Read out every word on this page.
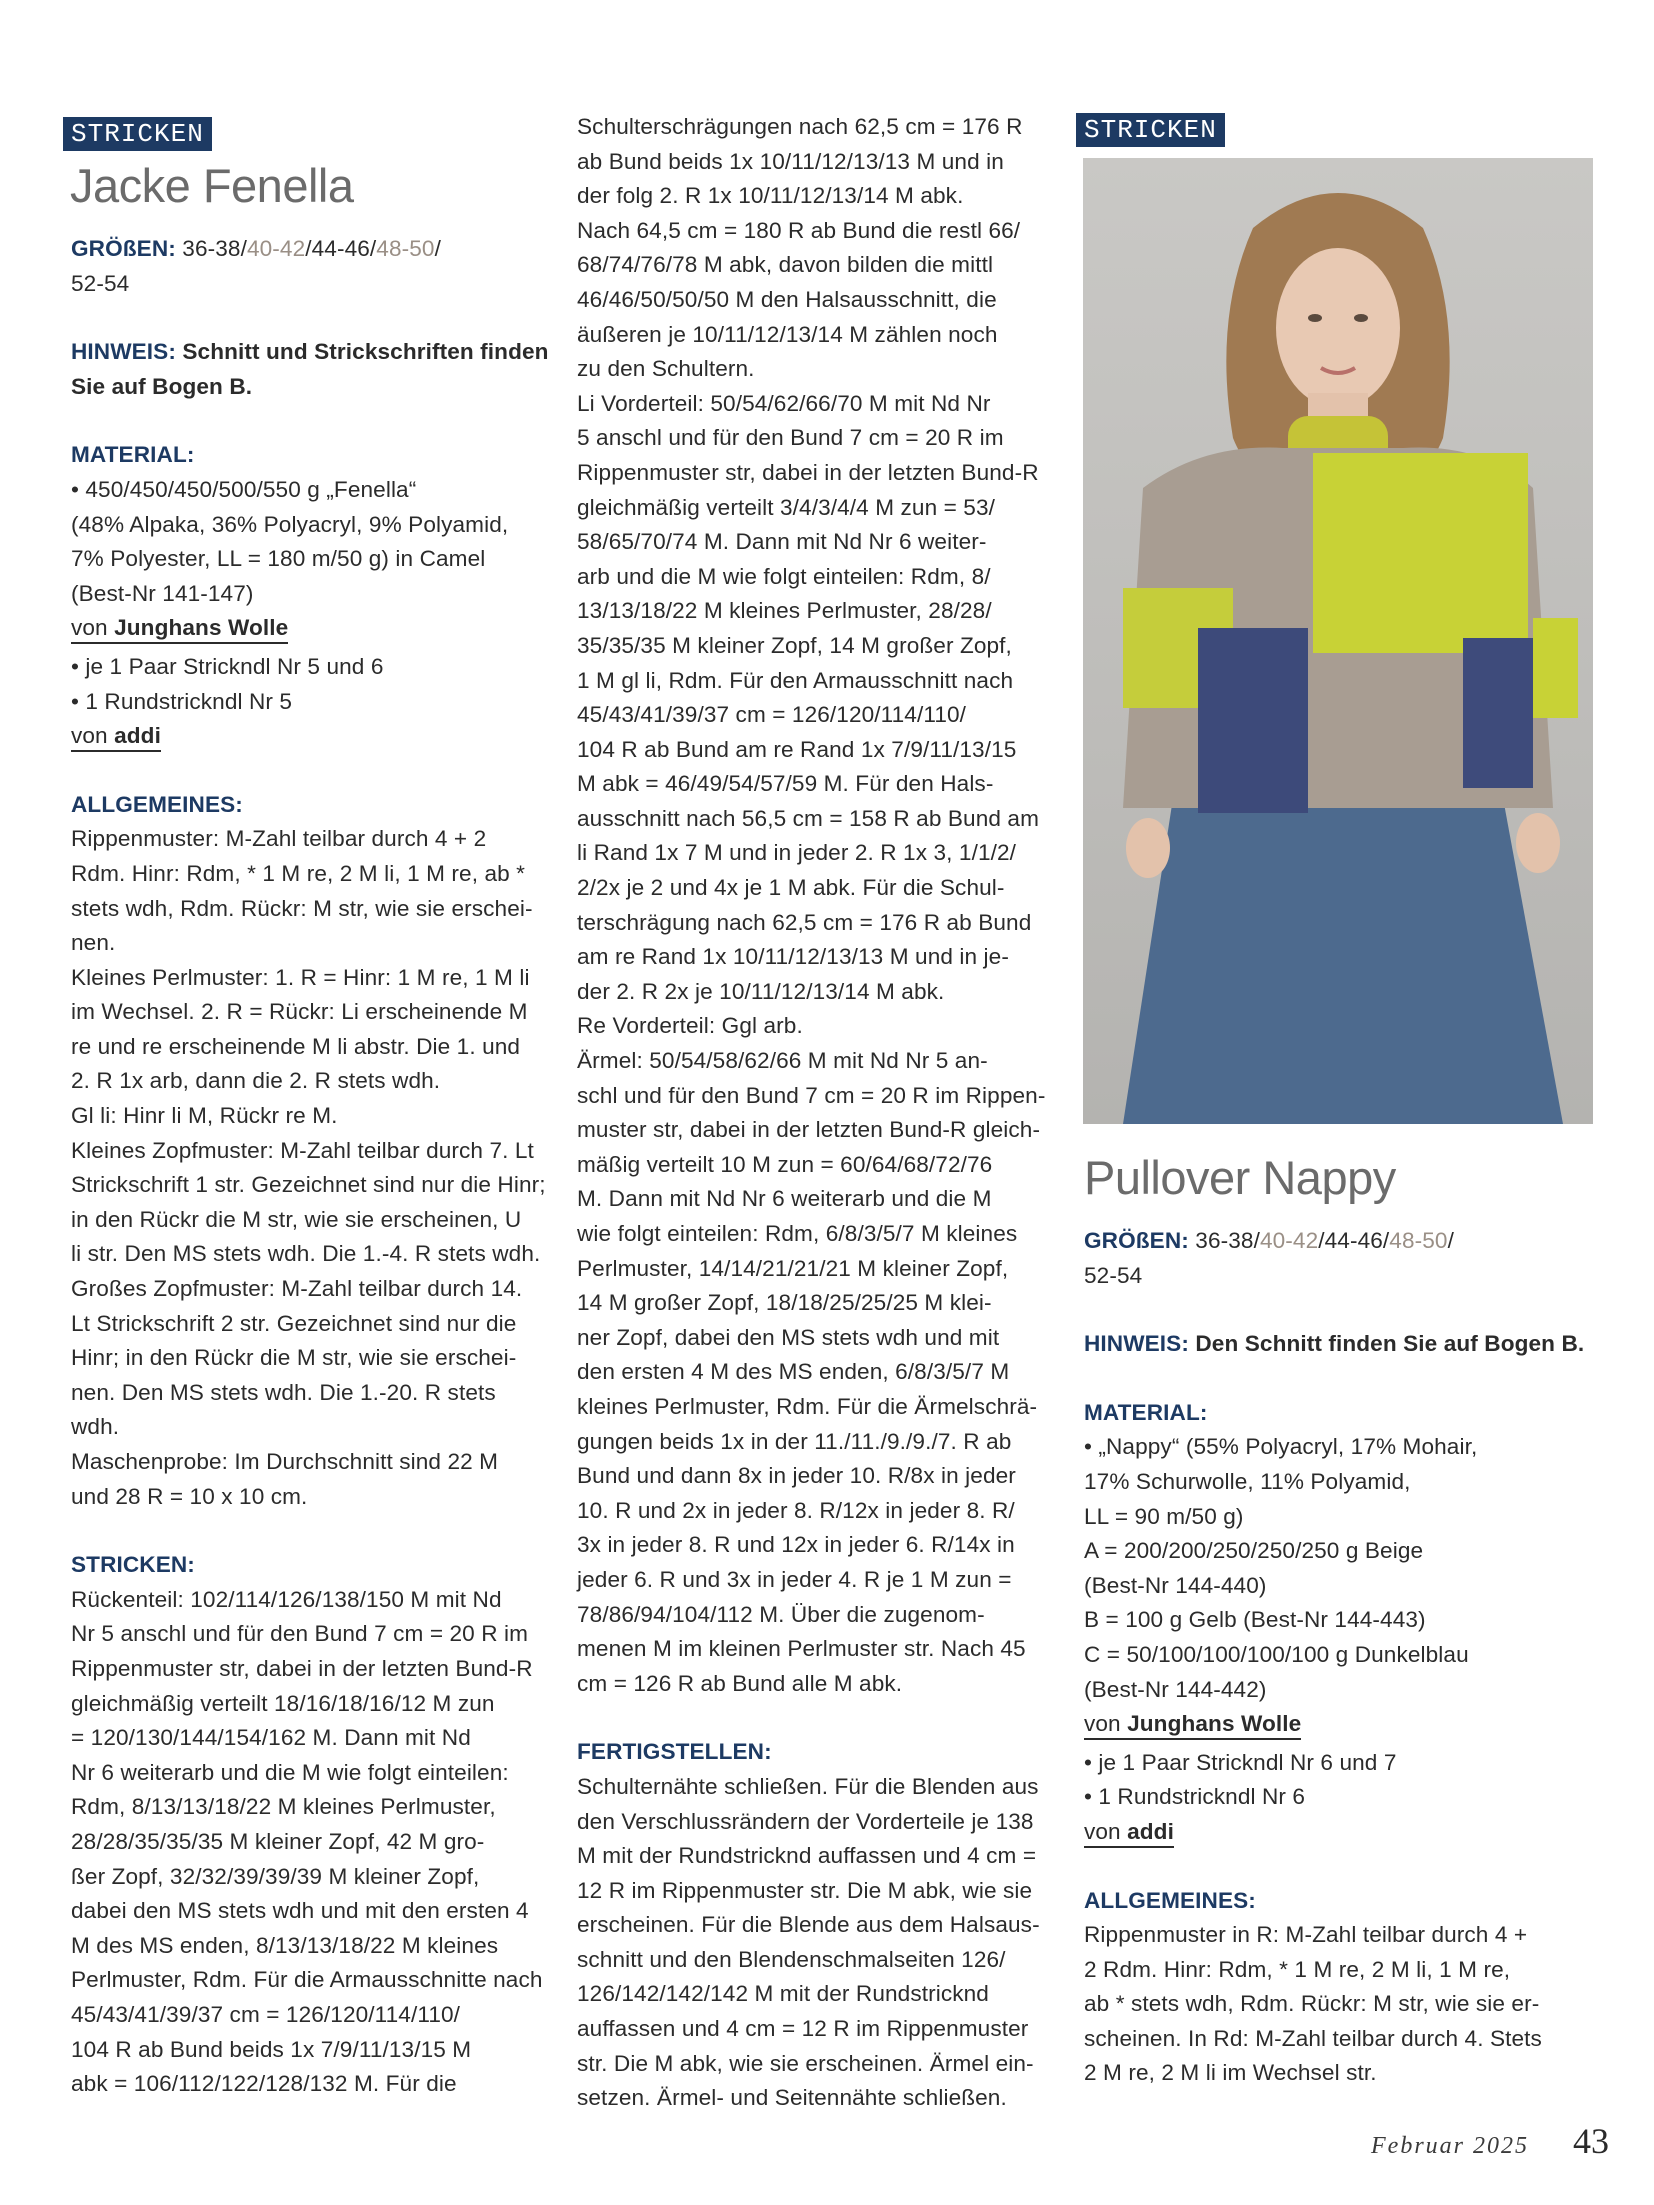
STRICKEN
Jacke Fenella
GRÖßEN: 36-38/40-42/44-46/48-50/
52-54
HINWEIS: Schnitt und Strickschriften finden Sie auf Bogen B.
MATERIAL:
• 450/450/450/500/550 g „Fenella“
(48% Alpaka, 36% Polyacryl, 9% Polyamid,
7% Polyester, LL = 180 m/50 g) in Camel
(Best-Nr 141-147)
von Junghans Wolle
• je 1 Paar Strickndl Nr 5 und 6
• 1 Rundstrickndl Nr 5
von addi
ALLGEMEINES:
Rippenmuster: M-Zahl teilbar durch 4 + 2
Rdm. Hinr: Rdm, * 1 M re, 2 M li, 1 M re, ab *
stets wdh, Rdm. Rückr: M str, wie sie erschei-
nen.
Kleines Perlmuster: 1. R = Hinr: 1 M re, 1 M li
im Wechsel. 2. R = Rückr: Li erscheinende M
re und re erscheinende M li abstr. Die 1. und
2. R 1x arb, dann die 2. R stets wdh.
Gl li: Hinr li M, Rückr re M.
Kleines Zopfmuster: M-Zahl teilbar durch 7. Lt
Strickschrift 1 str. Gezeichnet sind nur die Hinr;
in den Rückr die M str, wie sie erscheinen, U
li str. Den MS stets wdh. Die 1.-4. R stets wdh.
Großes Zopfmuster: M-Zahl teilbar durch 14.
Lt Strickschrift 2 str. Gezeichnet sind nur die
Hinr; in den Rückr die M str, wie sie erschei-
nen. Den MS stets wdh. Die 1.-20. R stets
wdh.
Maschenprobe: Im Durchschnitt sind 22 M
und 28 R = 10 x 10 cm.
STRICKEN:
Rückenteil: 102/114/126/138/150 M mit Nd
Nr 5 anschl und für den Bund 7 cm = 20 R im
Rippenmuster str, dabei in der letzten Bund-R
gleichmäßig verteilt 18/16/18/16/12 M zun
= 120/130/144/154/162 M. Dann mit Nd
Nr 6 weiterarb und die M wie folgt einteilen:
Rdm, 8/13/13/18/22 M kleines Perlmuster,
28/28/35/35/35 M kleiner Zopf, 42 M gro-
ßer Zopf, 32/32/39/39/39 M kleiner Zopf,
dabei den MS stets wdh und mit den ersten 4
M des MS enden, 8/13/13/18/22 M kleines
Perlmuster, Rdm. Für die Armausschnitte nach
45/43/41/39/37 cm = 126/120/114/110/
104 R ab Bund beids 1x 7/9/11/13/15 M
abk = 106/112/122/128/132 M. Für die
Schulterschrägungen nach 62,5 cm = 176 R
ab Bund beids 1x 10/11/12/13/13 M und in
der folg 2. R 1x 10/11/12/13/14 M abk.
Nach 64,5 cm = 180 R ab Bund die restl 66/
68/74/76/78 M abk, davon bilden die mittl
46/46/50/50/50 M den Halsausschnitt, die
äußeren je 10/11/12/13/14 M zählen noch
zu den Schultern.
Li Vorderteil: 50/54/62/66/70 M mit Nd Nr
5 anschl und für den Bund 7 cm = 20 R im
Rippenmuster str, dabei in der letzten Bund-R
gleichmäßig verteilt 3/4/3/4/4 M zun = 53/
58/65/70/74 M. Dann mit Nd Nr 6 weiter-
arb und die M wie folgt einteilen: Rdm, 8/
13/13/18/22 M kleines Perlmuster, 28/28/
35/35/35 M kleiner Zopf, 14 M großer Zopf,
1 M gl li, Rdm. Für den Armausschnitt nach
45/43/41/39/37 cm = 126/120/114/110/
104 R ab Bund am re Rand 1x 7/9/11/13/15
M abk = 46/49/54/57/59 M. Für den Hals-
ausschnitt nach 56,5 cm = 158 R ab Bund am
li Rand 1x 7 M und in jeder 2. R 1x 3, 1/1/2/
2/2x je 2 und 4x je 1 M abk. Für die Schul-
terschrägung nach 62,5 cm = 176 R ab Bund
am re Rand 1x 10/11/12/13/13 M und in je-
der 2. R 2x je 10/11/12/13/14 M abk.
Re Vorderteil: Ggl arb.
Ärmel: 50/54/58/62/66 M mit Nd Nr 5 an-
schl und für den Bund 7 cm = 20 R im Rippen-
muster str, dabei in der letzten Bund-R gleich-
mäßig verteilt 10 M zun = 60/64/68/72/76
M. Dann mit Nd Nr 6 weiterarb und die M
wie folgt einteilen: Rdm, 6/8/3/5/7 M kleines
Perlmuster, 14/14/21/21/21 M kleiner Zopf,
14 M großer Zopf, 18/18/25/25/25 M klei-
ner Zopf, dabei den MS stets wdh und mit
den ersten 4 M des MS enden, 6/8/3/5/7 M
kleines Perlmuster, Rdm. Für die Ärmelschrä-
gungen beids 1x in der 11./11./9./9./7. R ab
Bund und dann 8x in jeder 10. R/8x in jeder
10. R und 2x in jeder 8. R/12x in jeder 8. R/
3x in jeder 8. R und 12x in jeder 6. R/14x in
jeder 6. R und 3x in jeder 4. R je 1 M zun =
78/86/94/104/112 M. Über die zugenom-
menen M im kleinen Perlmuster str. Nach 45
cm = 126 R ab Bund alle M abk.
FERTIGSTELLEN:
Schulternähte schließen. Für die Blenden aus
den Verschlussrändern der Vorderteile je 138
M mit der Rundstricknd auffassen und 4 cm =
12 R im Rippenmuster str. Die M abk, wie sie
erscheinen. Für die Blende aus dem Halsaus-
schnitt und den Blendenschmalseiten 126/
126/142/142/142 M mit der Rundstricknd
auffassen und 4 cm = 12 R im Rippenmuster
str. Die M abk, wie sie erscheinen. Ärmel ein-
setzen. Ärmel- und Seitennähte schließen.
STRICKEN
Pullover Nappy
GRÖßEN: 36-38/40-42/44-46/48-50/
52-54
HINWEIS: Den Schnitt finden Sie auf Bogen B.
MATERIAL:
• „Nappy“ (55% Polyacryl, 17% Mohair,
17% Schurwolle, 11% Polyamid,
LL = 90 m/50 g)
A = 200/200/250/250/250 g Beige
(Best-Nr 144-440)
B = 100 g Gelb (Best-Nr 144-443)
C = 50/100/100/100/100 g Dunkelblau
(Best-Nr 144-442)
von Junghans Wolle
• je 1 Paar Strickndl Nr 6 und 7
• 1 Rundstrickndl Nr 6
von addi
ALLGEMEINES:
Rippenmuster in R: M-Zahl teilbar durch 4 +
2 Rdm. Hinr: Rdm, * 1 M re, 2 M li, 1 M re,
ab * stets wdh, Rdm. Rückr: M str, wie sie er-
scheinen. In Rd: M-Zahl teilbar durch 4. Stets
2 M re, 2 M li im Wechsel str.
Februar 2025 43
